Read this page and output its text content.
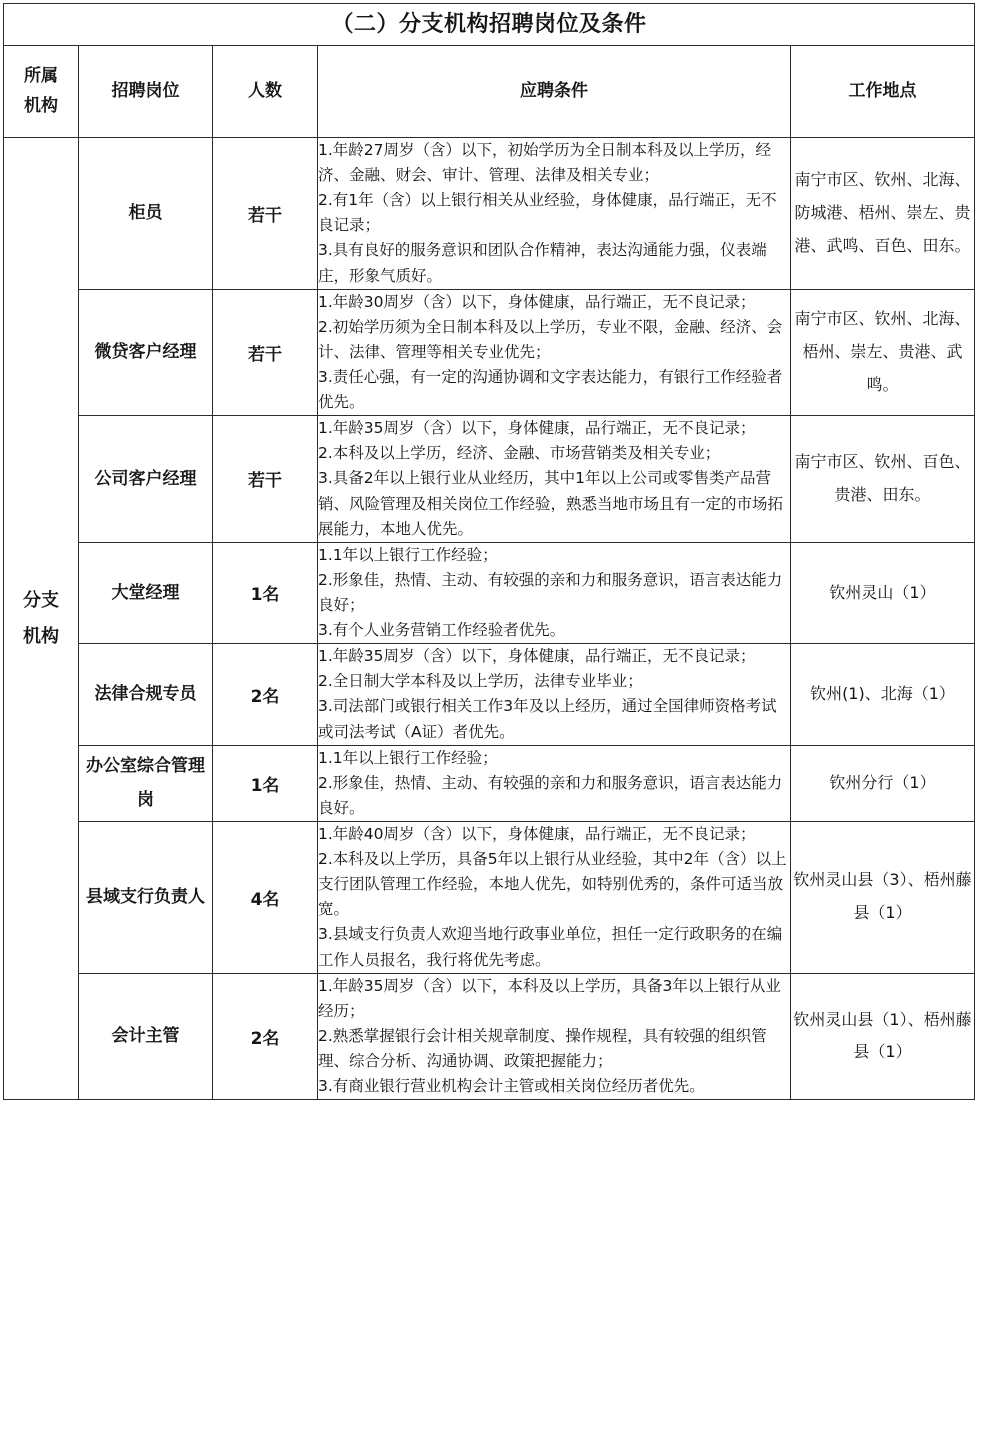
（二）分支机构招聘岗位及条件				
所属
机构	招聘岗位	人数	应聘条件	工作地点
分支
机构	柜员	若干	1.年龄27周岁（含）以下，初始学历为全日制本科及以上学历，经济、金融、财会、审计、管理、法律及相关专业；
2.有1年（含）以上银行相关从业经验，身体健康，品行端正，无不良记录；
3.具有良好的服务意识和团队合作精神，表达沟通能力强，仪表端庄，形象气质好。	南宁市区、钦州、北海、防城港、梧州、崇左、贵港、武鸣、百色、田东。
	微贷客户经理	若干	1.年龄30周岁（含）以下，身体健康，品行端正，无不良记录；
2.初始学历须为全日制本科及以上学历，专业不限，金融、经济、会计、法律、管理等相关专业优先；
3.责任心强，有一定的沟通协调和文字表达能力，有银行工作经验者优先。	南宁市区、钦州、北海、梧州、崇左、贵港、武鸣。
	公司客户经理	若干	1.年龄35周岁（含）以下，身体健康，品行端正，无不良记录；
2.本科及以上学历，经济、金融、市场营销类及相关专业；
3.具备2年以上银行业从业经历，其中1年以上公司或零售类产品营销、风险管理及相关岗位工作经验，熟悉当地市场且有一定的市场拓展能力，本地人优先。	南宁市区、钦州、百色、贵港、田东。
	大堂经理	1名	1.1年以上银行工作经验；
2.形象佳，热情、主动、有较强的亲和力和服务意识，语言表达能力良好；
3.有个人业务营销工作经验者优先。	钦州灵山（1）
	法律合规专员	2名	1.年龄35周岁（含）以下，身体健康，品行端正，无不良记录；
2.全日制大学本科及以上学历，法律专业毕业；
3.司法部门或银行相关工作3年及以上经历，通过全国律师资格考试或司法考试（A证）者优先。	钦州(1)、北海（1）
	办公室综合管理岗	1名	1.1年以上银行工作经验；
2.形象佳，热情、主动、有较强的亲和力和服务意识，语言表达能力良好。	钦州分行（1）
	县域支行负责人	4名	1.年龄40周岁（含）以下，身体健康，品行端正，无不良记录；
2.本科及以上学历，具备5年以上银行从业经验，其中2年（含）以上支行团队管理工作经验，本地人优先，如特别优秀的，条件可适当放宽。
3.县域支行负责人欢迎当地行政事业单位，担任一定行政职务的在编工作人员报名，我行将优先考虑。	钦州灵山县（3）、梧州藤县（1）
	会计主管	2名	1.年龄35周岁（含）以下，本科及以上学历，具备3年以上银行从业经历；
2.熟悉掌握银行会计相关规章制度、操作规程，具有较强的组织管理、综合分析、沟通协调、政策把握能力；
3.有商业银行营业机构会计主管或相关岗位经历者优先。	钦州灵山县（1）、梧州藤县（1）
